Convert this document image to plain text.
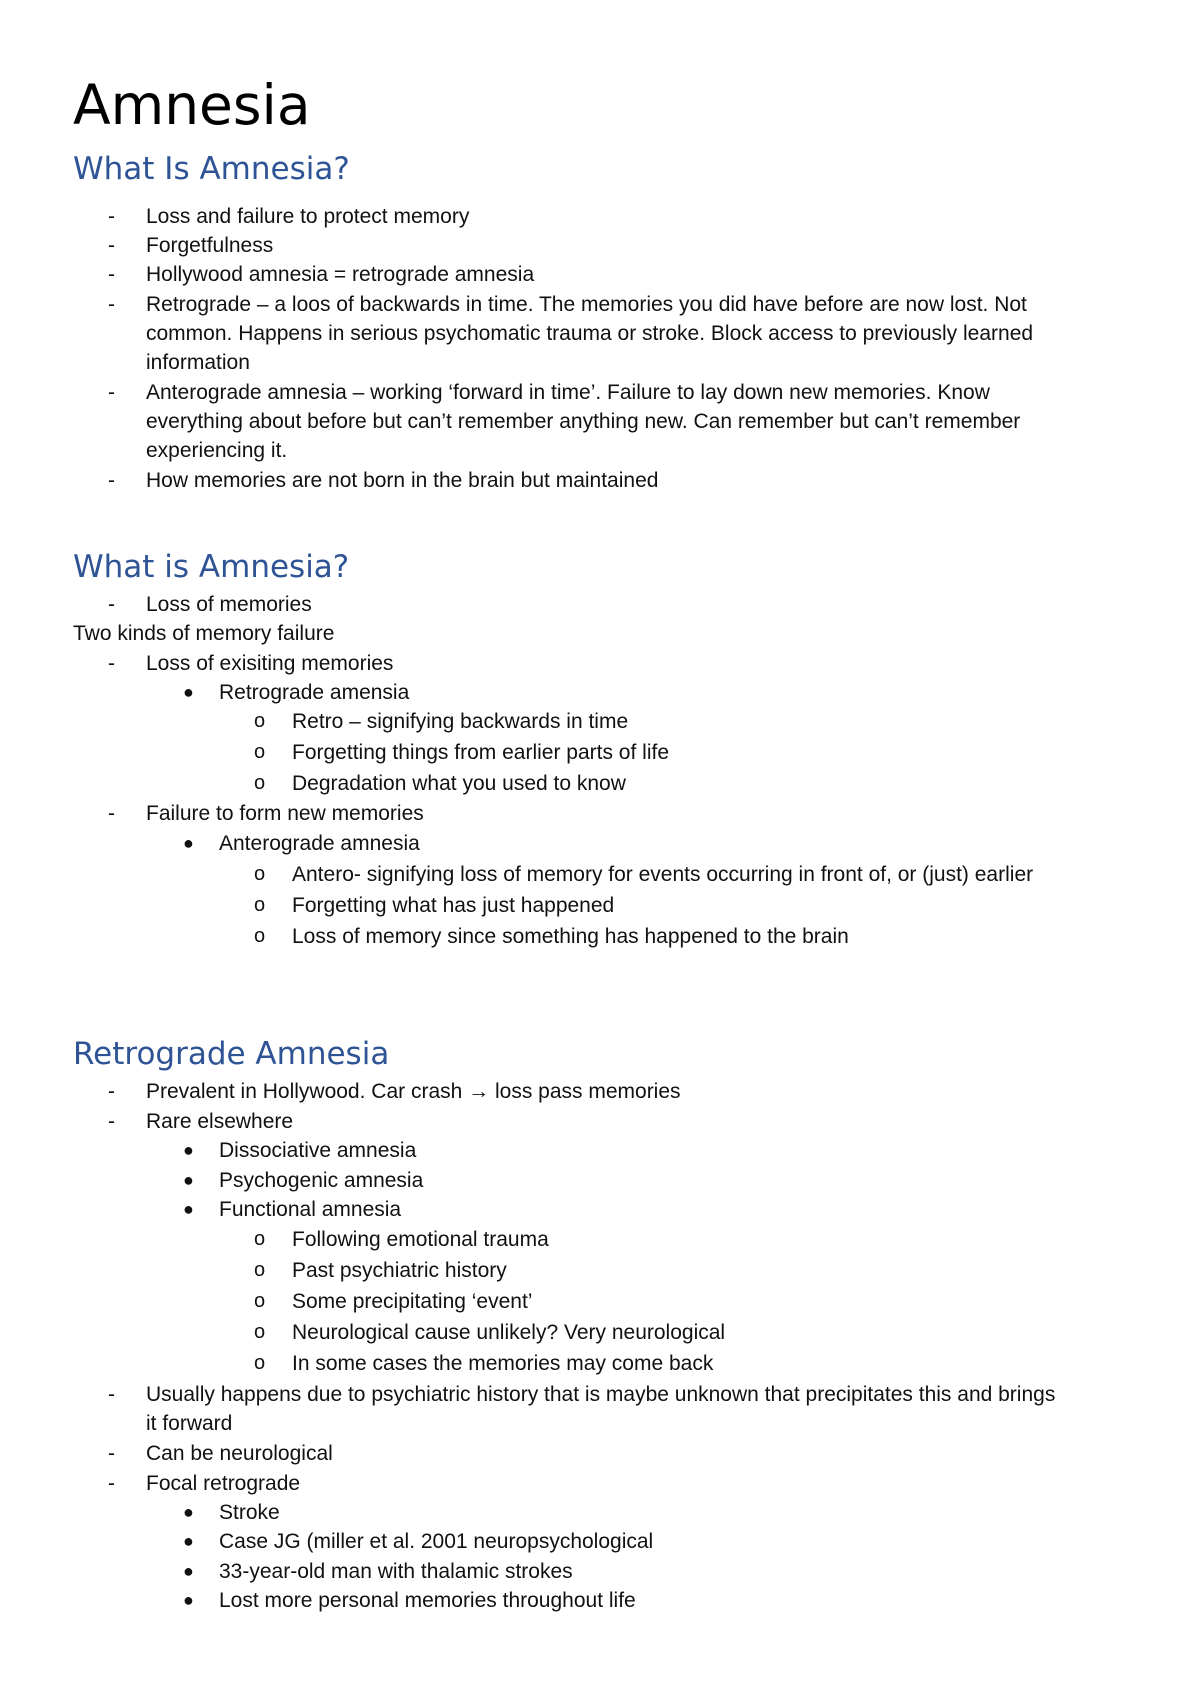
Amnesia
What Is Amnesia?
- Loss and failure to protect memory
- Forgetfulness
- Hollywood amnesia = retrograde amnesia
- Retrograde – a loos of backwards in time. The memories you did have before are now lost. Not
common. Happens in serious psychomatic trauma or stroke. Block access to previously learned
information
- Anterograde amnesia – working ‘forward in time’. Failure to lay down new memories. Know
everything about before but can’t remember anything new. Can remember but can’t remember
experiencing it.
- How memories are not born in the brain but maintained
What is Amnesia?
- Loss of memories
Two kinds of memory failure
- Loss of exisiting memories
● Retrograde amensia
o Retro – signifying backwards in time
o Forgetting things from earlier parts of life
o Degradation what you used to know
- Failure to form new memories
● Anterograde amnesia
o Antero- signifying loss of memory for events occurring in front of, or (just) earlier
o Forgetting what has just happened
o Loss of memory since something has happened to the brain
Retrograde Amnesia
- Prevalent in Hollywood. Car crash → loss pass memories
- Rare elsewhere
● Dissociative amnesia
● Psychogenic amnesia
● Functional amnesia
o Following emotional trauma
o Past psychiatric history
o Some precipitating ‘event’
o Neurological cause unlikely? Very neurological
o In some cases the memories may come back
- Usually happens due to psychiatric history that is maybe unknown that precipitates this and brings
it forward
- Can be neurological
- Focal retrograde
● Stroke
● Case JG (miller et al. 2001 neuropsychological
● 33-year-old man with thalamic strokes
● Lost more personal memories throughout life
